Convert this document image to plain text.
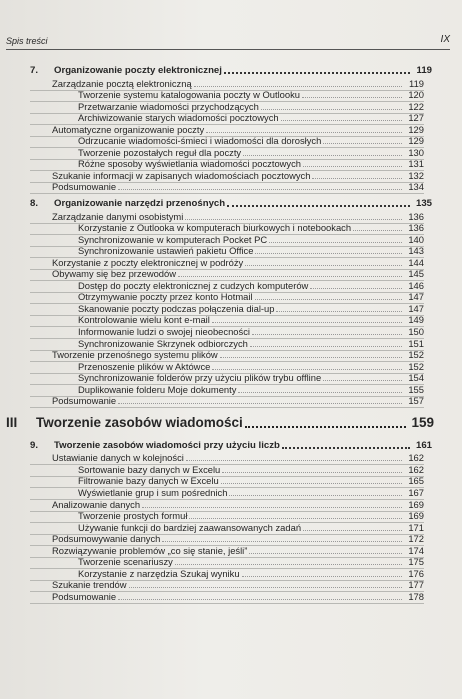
Spis treści	IX
7. Organizowanie poczty elektronicznej	119
Zarządzanie pocztą elektroniczną	119
Tworzenie systemu katalogowania poczty w Outlooku	120
Przetwarzanie wiadomości przychodzących	122
Archiwizowanie starych wiadomości pocztowych	127
Automatyczne organizowanie poczty	129
Odrzucanie wiadomości-śmieci i wiadomości dla dorosłych	129
Tworzenie pozostałych reguł dla poczty	130
Różne sposoby wyświetlania wiadomości pocztowych	131
Szukanie informacji w zapisanych wiadomościach pocztowych	132
Podsumowanie	134
8. Organizowanie narzędzi przenośnych	135
Zarządzanie danymi osobistymi	136
Korzystanie z Outlooka w komputerach biurkowych i notebookach	136
Synchronizowanie w komputerach Pocket PC	140
Synchronizowanie ustawień pakietu Office	143
Korzystanie z poczty elektronicznej w podróży	144
Obywamy się bez przewodów	145
Dostęp do poczty elektronicznej z cudzych komputerów	146
Otrzymywanie poczty przez konto Hotmail	147
Skanowanie poczty podczas połączenia dial-up	147
Kontrolowanie wielu kont e-mail	149
Informowanie ludzi o swojej nieobecności	150
Synchronizowanie Skrzynek odbiorczych	151
Tworzenie przenośnego systemu plików	152
Przenoszenie plików w Aktówce	152
Synchronizowanie folderów przy użyciu plików trybu offline	154
Duplikowanie folderu Moje dokumenty	155
Podsumowanie	157
III Tworzenie zasobów wiadomości	159
9. Tworzenie zasobów wiadomości przy użyciu liczb	161
Ustawianie danych w kolejności	162
Sortowanie bazy danych w Excelu	162
Filtrowanie bazy danych w Excelu	165
Wyświetlanie grup i sum pośrednich	167
Analizowanie danych	169
Tworzenie prostych formuł	169
Używanie funkcji do bardziej zaawansowanych zadań	171
Podsumowywanie danych	172
Rozwiązywanie problemów „co się stanie, jeśli”	174
Tworzenie scenariuszy	175
Korzystanie z narzędzia Szukaj wyniku	176
Szukanie trendów	177
Podsumowanie	178
